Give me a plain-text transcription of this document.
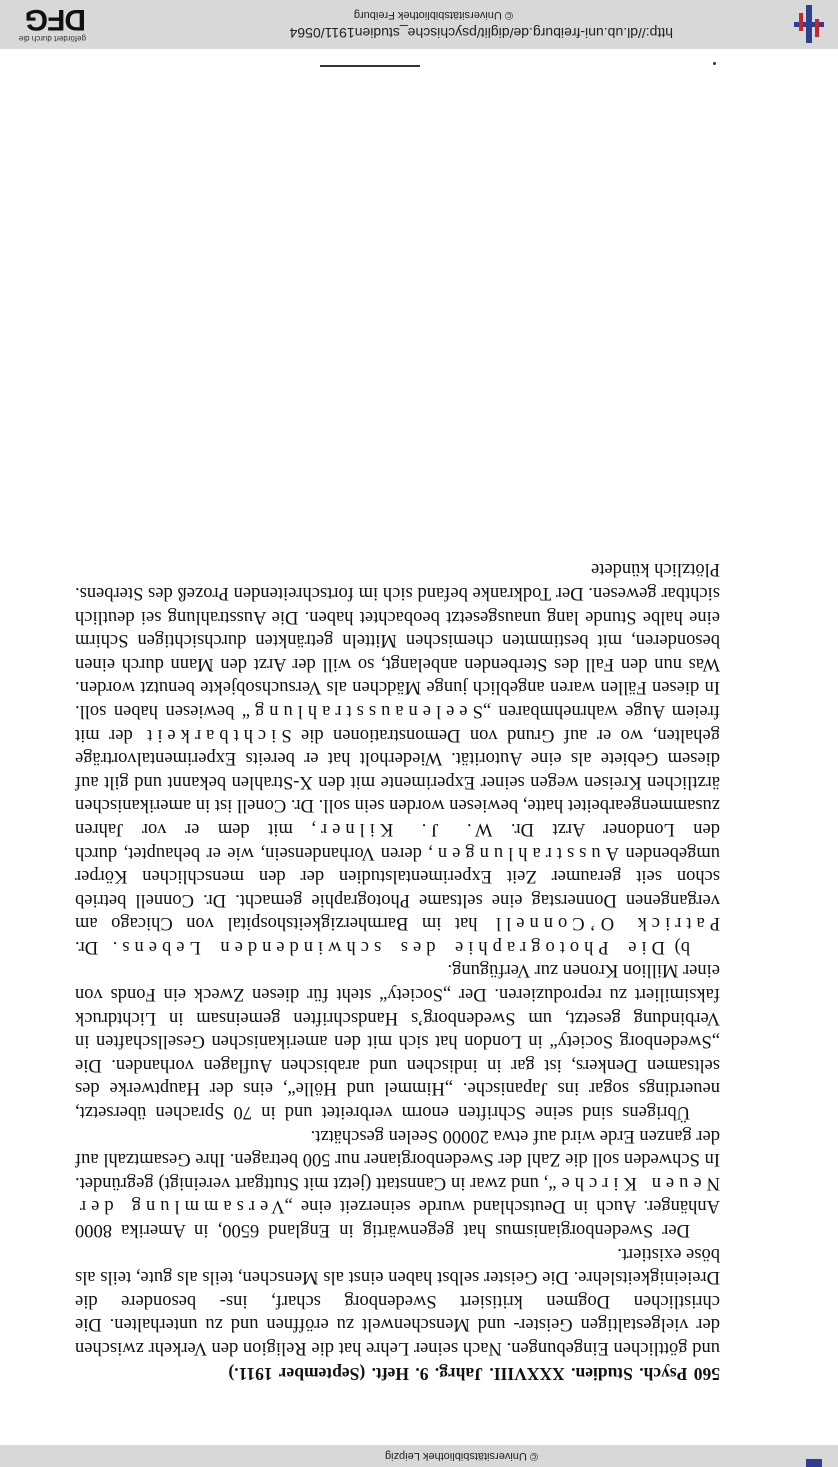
© Universitätsbibliothek Leipzig
560 Psych. Studien. XXXVIII. Jahrg. 9. Heft. (September 1911.)

und göttlichen Eingebungen. Nach seiner Lehre hat die Religion den Verkehr zwischen der vielgestaltigen Geister- und Menschenwelt zu eröffnen und zu unterhalten. Die christlichen Dogmen kritisiert Swedenborg scharf, ins- besondere die Dreieinigkeitslehre. Die Geister selbst haben einst als Menschen, teils als gute, teils als böse existiert.

Der Swedenborgianismus hat gegenwärtig in England 6500, in Amerika 8000 Anhänger. Auch in Deutschland wurde seinerzeit eine „Versammlung der Neuen Kirche“, und zwar in Cannstatt (jetzt mit Stuttgart vereinigt) gegründet. In Schweden soll die Zahl der Swedenborgianer nur 500 betragen. Ihre Gesamtzahl auf der ganzen Erde wird auf etwa 20000 Seelen geschätzt.

Übrigens sind seine Schriften enorm verbreitet und in 70 Sprachen übersetzt, neuerdings sogar ins Japanische. „Himmel und Hölle“, eins der Hauptwerke des seltsamen Denkers, ist gar in indischen und arabischen Auflagen vorhanden. Die „Swedenborg Society“ in London hat sich mit den amerikanischen Gesellschaften in Verbindung gesetzt, um Swedenborg’s Handschriften gemeinsam in Lichtdruck faksimiliert zu reproduzieren. Der „Society“ steht für diesen Zweck ein Fonds von einer Million Kronen zur Verfügung.

b) Die Photographie des schwindenden Lebens. Dr. Patrick O’Connell hat im Barmherzigkeitshospital von Chicago am vergangenen Donnerstag eine seltsame Photographie gemacht. Dr. Connell betrieb schon seit geraumer Zeit Experimentalstudien der den menschlichen Körper umgebenden Ausstrahlungen, deren Vorhandensein, wie er behauptet, durch den Londoner Arzt Dr. W. J. Kilner, mit dem er vor Jahren zusammengearbeitet hatte, bewiesen worden sein soll. Dr. Conell ist in amerikanischen ärztlichen Kreisen wegen seiner Experimente mit den X-Strahlen bekannt und gilt auf diesem Gebiete als eine Autorität. Wiederholt hat er bereits Experimentalvorträge gehalten, wo er auf Grund von Demonstrationen die Sichtbarkeit der mit freiem Auge wahrnehmbaren „Seelenausstrahlung“ bewiesen haben soll. In diesen Fällen waren angeblich junge Mädchen als Versuchsobjekte benutzt worden. Was nun den Fall des Sterbenden anbelangt, so will der Arzt den Mann durch einen besonderen, mit bestimmten chemischen Mitteln getränkten durchsichtigen Schirm eine halbe Stunde lang unausgesetzt beobachtet haben. Die Ausstrahlung sei deutlich sichtbar gewesen. Der Todkranke befand sich im fortschreitenden Prozeß des Sterbens. Plötzlich kündete

http://dl.ub.uni-freiburg.de/diglit/psychische_studien1911/0564
© Universitätsbibliothek Freiburg
gefördert durch die
DFG
